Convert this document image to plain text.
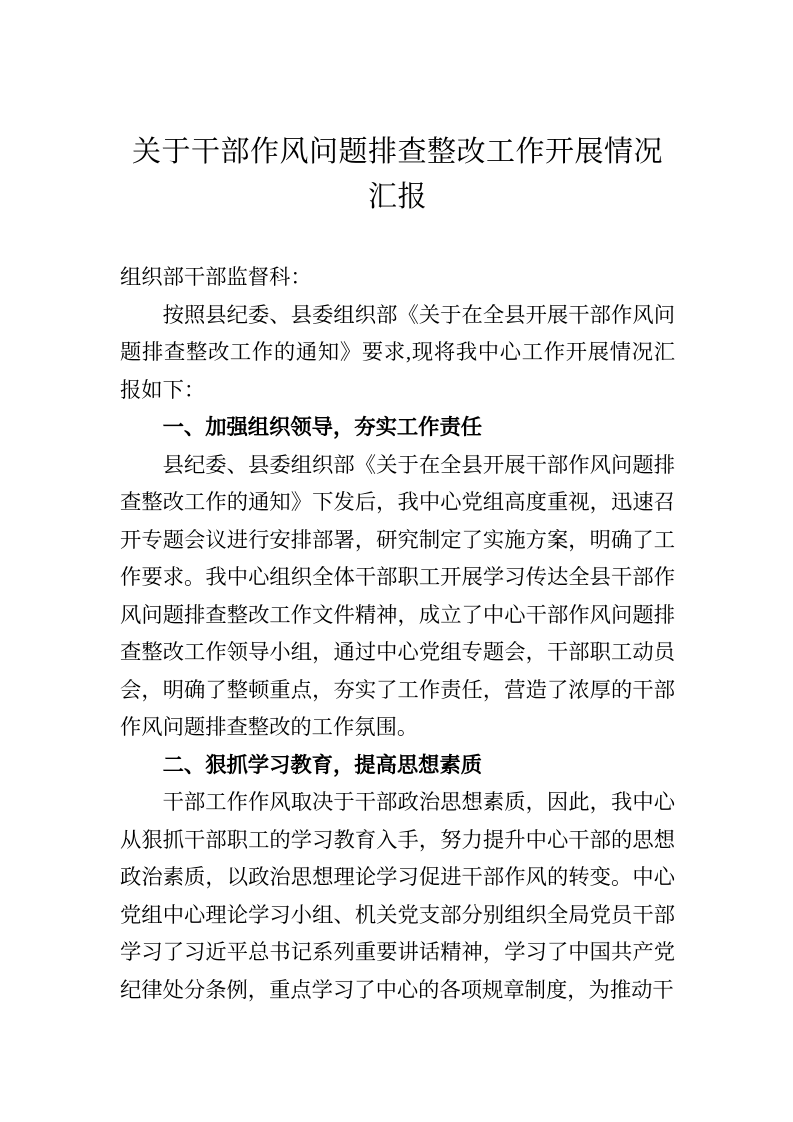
关于干部作风问题排查整改工作开展情况
汇报

组织部干部监督科：

按照县纪委、县委组织部《关于在全县开展干部作风问题排查整改工作的通知》要求,现将我中心工作开展情况汇报如下：

一、加强组织领导，夯实工作责任

县纪委、县委组织部《关于在全县开展干部作风问题排查整改工作的通知》下发后，我中心党组高度重视，迅速召开专题会议进行安排部署，研究制定了实施方案，明确了工作要求。我中心组织全体干部职工开展学习传达全县干部作风问题排查整改工作文件精神，成立了中心干部作风问题排查整改工作领导小组，通过中心党组专题会，干部职工动员会，明确了整顿重点，夯实了工作责任，营造了浓厚的干部作风问题排查整改的工作氛围。

二、狠抓学习教育，提高思想素质

干部工作作风取决于干部政治思想素质，因此，我中心从狠抓干部职工的学习教育入手，努力提升中心干部的思想政治素质，以政治思想理论学习促进干部作风的转变。中心党组中心理论学习小组、机关党支部分别组织全局党员干部学习了习近平总书记系列重要讲话精神，学习了中国共产党纪律处分条例，重点学习了中心的各项规章制度，为推动干
